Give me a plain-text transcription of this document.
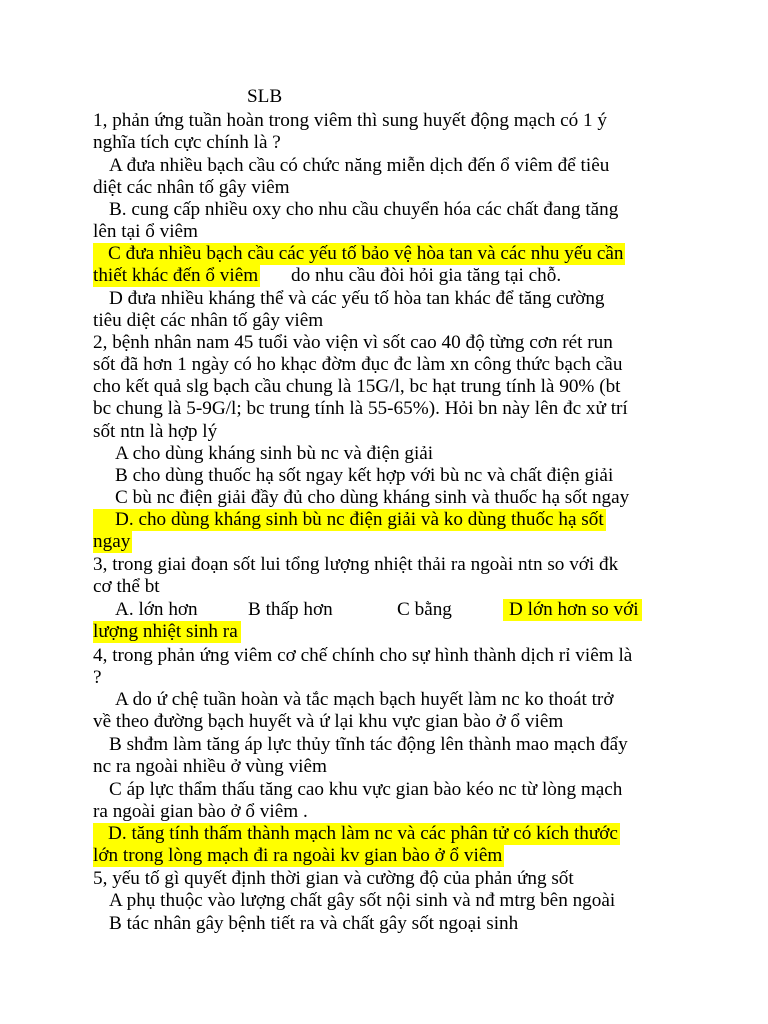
SLB
1, phản ứng tuần hoàn trong viêm thì sung huyết động mạch có 1 ý
nghĩa tích cực chính là ?
A đưa nhiều bạch cầu có chức năng miễn dịch đến ổ viêm để tiêu
diệt các nhân tố gây viêm
B. cung cấp nhiều oxy cho nhu cầu chuyển hóa các chất đang tăng
lên tại ổ viêm
C đưa nhiều bạch cầu các yếu tố bảo vệ hòa tan và các nhu yếu cần
thiết khác đến ổ viêm do nhu cầu đòi hỏi gia tăng tại chỗ.
D đưa nhiều kháng thể và các yếu tố hòa tan khác để tăng cường
tiêu diệt các nhân tố gây viêm
2, bệnh nhân nam 45 tuổi vào viện vì sốt cao 40 độ từng cơn rét run
sốt đã hơn 1 ngày có ho khạc đờm đục đc làm xn công thức bạch cầu
cho kết quả slg bạch cầu chung là 15G/l, bc hạt trung tính là 90% (bt
bc chung là 5-9G/l; bc trung tính là 55-65%). Hỏi bn này lên đc xử trí
sốt ntn là hợp lý
A cho dùng kháng sinh bù nc và điện giải
B cho dùng thuốc hạ sốt ngay kết hợp với bù nc và chất điện giải
C bù nc điện giải đầy đủ cho dùng kháng sinh và thuốc hạ sốt ngay
D. cho dùng kháng sinh bù nc điện giải và ko dùng thuốc hạ sốt
ngay
3, trong giai đoạn sốt lui tổng lượng nhiệt thải ra ngoài ntn so với đk
cơ thể bt
A. lớn hơn	B thấp hơn	C bằng	D lớn hơn so với
lượng nhiệt sinh ra
4, trong phản ứng viêm cơ chế chính cho sự hình thành dịch rỉ viêm là
?
A do ứ chệ tuần hoàn và tắc mạch bạch huyết làm nc ko thoát trở
về theo đường bạch huyết và ứ lại khu vực gian bào ở ổ viêm
B shđm làm tăng áp lực thủy tĩnh tác động lên thành mao mạch đẩy
nc ra ngoài nhiều ở vùng viêm
C áp lực thẩm thấu tăng cao khu vực gian bào kéo nc từ lòng mạch
ra ngoài gian bào ở ổ viêm .
D. tăng tính thấm thành mạch làm nc và các phân tử có kích thước
lớn trong lòng mạch đi ra ngoài kv gian bào ở ổ viêm
5, yếu tố gì quyết định thời gian và cường độ của phản ứng sốt
A phụ thuộc vào lượng chất gây sốt nội sinh và nđ mtrg bên ngoài
B tác nhân gây bệnh tiết ra và chất gây sốt ngoại sinh
